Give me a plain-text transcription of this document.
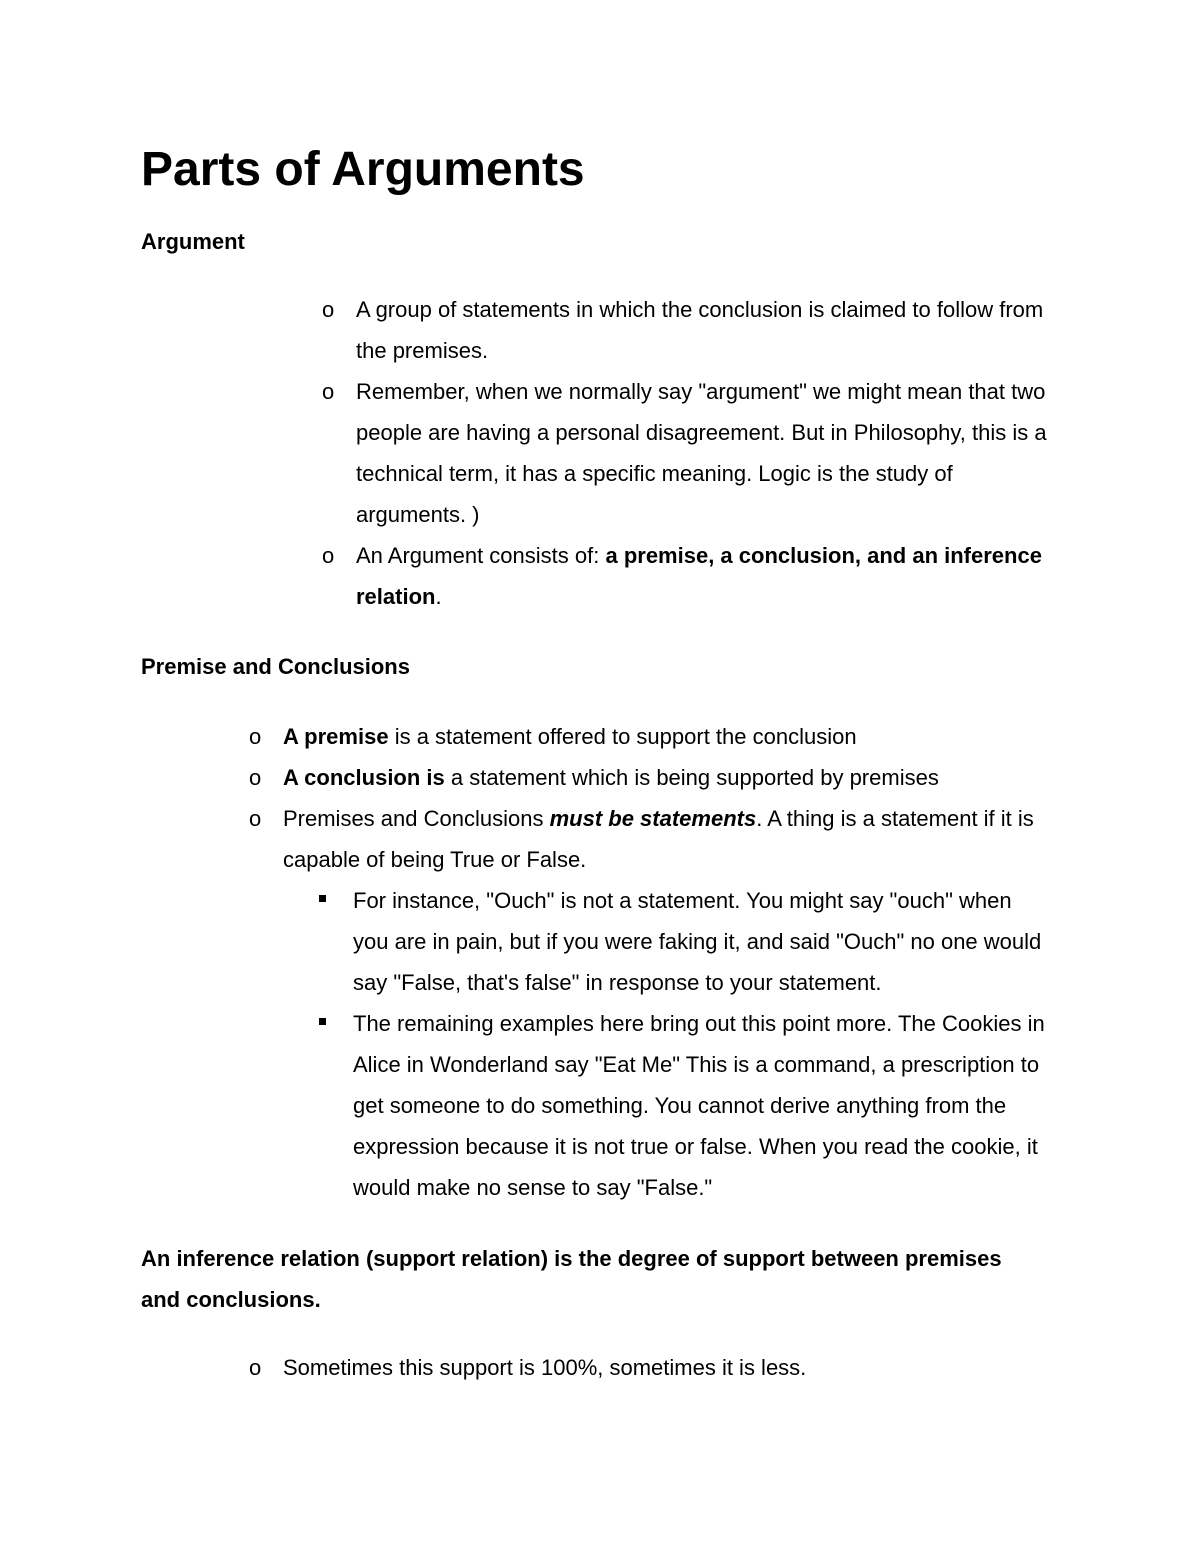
Parts of Arguments
Argument
o A group of statements in which the conclusion is claimed to follow from the premises.
o Remember, when we normally say "argument" we might mean that two people are having a personal disagreement. But in Philosophy, this is a technical term, it has a specific meaning. Logic is the study of arguments. )
o An Argument consists of: a premise, a conclusion, and an inference relation.
Premise and Conclusions
o A premise is a statement offered to support the conclusion
o A conclusion is a statement which is being supported by premises
o Premises and Conclusions must be statements. A thing is a statement if it is capable of being True or False.
For instance, "Ouch" is not a statement. You might say "ouch" when you are in pain, but if you were faking it, and said "Ouch" no one would say "False, that's false" in response to your statement.
The remaining examples here bring out this point more. The Cookies in Alice in Wonderland say "Eat Me" This is a command, a prescription to get someone to do something. You cannot derive anything from the expression because it is not true or false. When you read the cookie, it would make no sense to say "False."
An inference relation (support relation) is the degree of support between premises and conclusions.
o Sometimes this support is 100%, sometimes it is less.
